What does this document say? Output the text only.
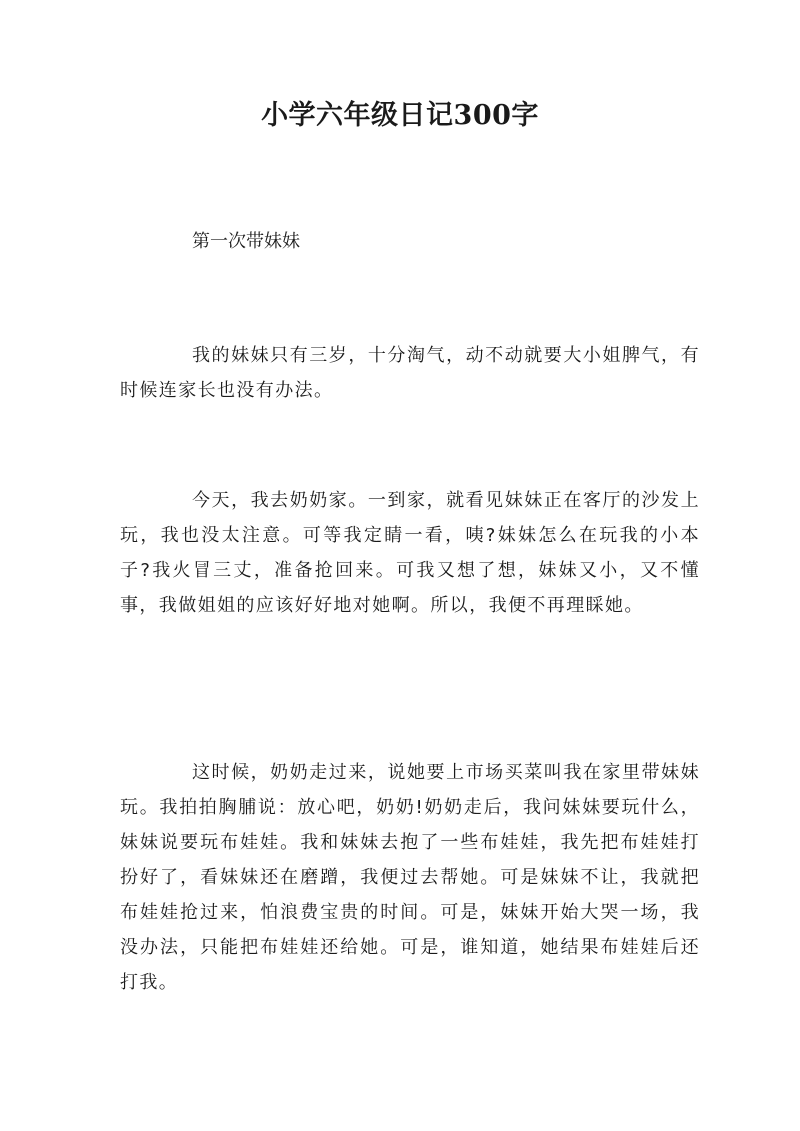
小学六年级日记300字
第一次带妹妹

我的妹妹只有三岁，十分淘气，动不动就要大小姐脾气，有时候连家长也没有办法。

今天，我去奶奶家。一到家，就看见妹妹正在客厅的沙发上玩，我也没太注意。可等我定睛一看，咦?妹妹怎么在玩我的小本子?我火冒三丈，准备抢回来。可我又想了想，妹妹又小，又不懂事，我做姐姐的应该好好地对她啊。所以，我便不再理睬她。

这时候，奶奶走过来，说她要上市场买菜叫我在家里带妹妹玩。我拍拍胸脯说：放心吧，奶奶!奶奶走后，我问妹妹要玩什么，妹妹说要玩布娃娃。我和妹妹去抱了一些布娃娃，我先把布娃娃打扮好了，看妹妹还在磨蹭，我便过去帮她。可是妹妹不让，我就把布娃娃抢过来，怕浪费宝贵的时间。可是，妹妹开始大哭一场，我没办法，只能把布娃娃还给她。可是，谁知道，她结果布娃娃后还打我。
